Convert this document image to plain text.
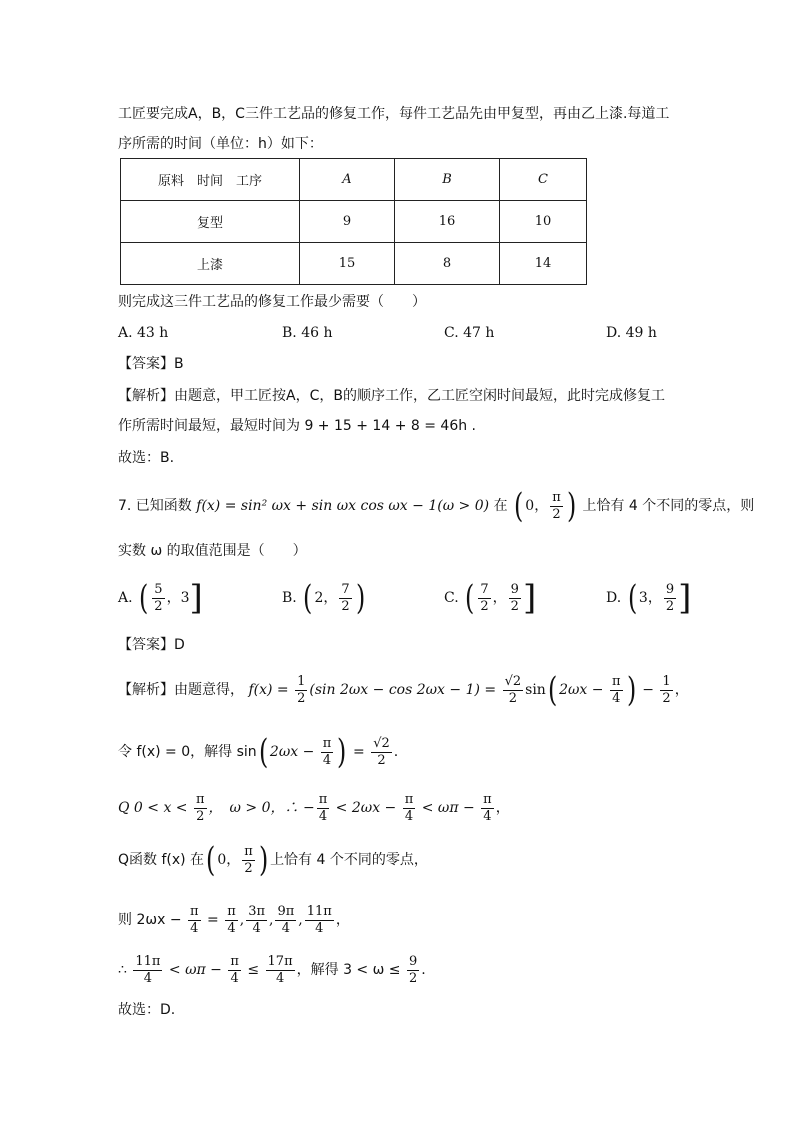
工匠要完成A，B，C三件工艺品的修复工作，每件工艺品先由甲复型，再由乙上漆.每道工
序所需的时间（单位：h）如下：
原料　时间　工序	A	B	C
复型	9	16	10
上漆	15	8	14
则完成这三件工艺品的修复工作最少需要（　　）
A. 43 h	B. 46 h	C. 47 h	D. 49 h
【答案】B
【解析】由题意，甲工匠按A，C，B的顺序工作，乙工匠空闲时间最短，此时完成修复工
作所需时间最短，最短时间为 9 + 15 + 14 + 8 = 46h .
故选：B.
7. 已知函数 f(x) = sin² ωx + sin ωx cos ωx − 1(ω > 0) 在 ( 0， $\frac{\pi}{2}$ ) 上恰有 4 个不同的零点，则
实数 ω 的取值范围是（　　）
A. ( $\frac{5}{2}$ ，3]	B. ( 2， $\frac{7}{2}$ )	C. ( $\frac{7}{2}$ ， $\frac{9}{2}$ ]	D. ( 3， $\frac{9}{2}$ ]
【答案】D
【解析】由题意得， $f(x) = \frac{1}{2} (\sin$ $2\omega x - \cos 2\omega x - 1) = \frac{√2}{2} \sin$( $2\omega x - \frac{\pi}{4}$ ) − $\frac{1}{2}$ ，
令 f(x) = 0，解得 sin( $2\omega x - \frac{\pi}{4}$ ) = $\frac{√2}{2}$ .
Q $0 < x < \frac{\pi}{2}$ ，　ω > 0，∴ − $\frac{\pi}{4} < 2\omega x - \frac{\pi}{4} < \omega\pi - \frac{\pi}{4}$ ，
Q函数 f(x) 在( 0， $\frac{\pi}{2}$ ) 上恰有 4 个不同的零点，
则 $2\omega x - \frac{\pi}{4} = \frac{\pi}{4}$ , $\frac{3\pi}{4}$ , $\frac{9\pi}{4}$ , $\frac{11\pi}{4}$ ，
∴ $\frac{11\pi}{4} < \omega\pi - \frac{\pi}{4} \le \frac{17\pi}{4}$ ，解得 $3 < \omega \le \frac{9}{2}$ .
故选：D.
